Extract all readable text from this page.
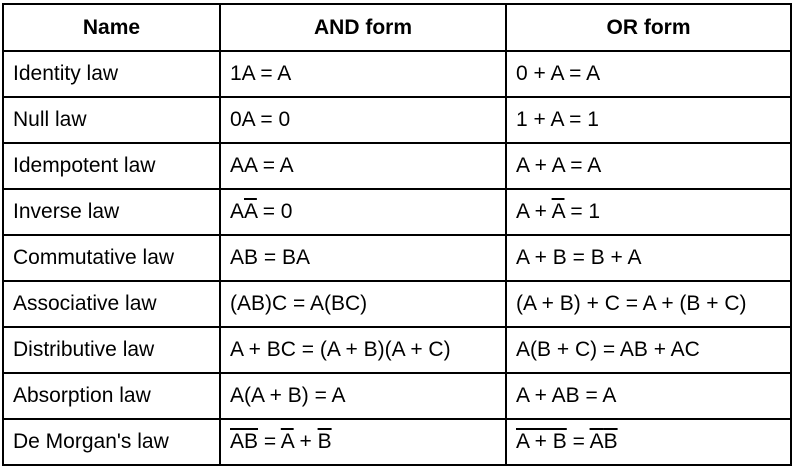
Name	AND form	OR form
Identity law	1A = A	0 + A = A
Null law	0A = 0	1 + A = 1
Idempotent law	AA = A	A + A = A
Inverse law	$A\overline{A} = 0$	$A + \overline{A} = 1$
Commutative law	AB = BA	A + B = B + A
Associative law	(AB)C = A(BC)	(A + B) + C = A + (B + C)
Distributive law	A + BC = (A + B)(A + C)	A(B + C) = AB + AC
Absorption law	A(A + B) = A	A + AB = A
De Morgan's law	$\overline{AB} = \overline{A} + \overline{B}$	$A + B = \overline{A}\overline{B}$
